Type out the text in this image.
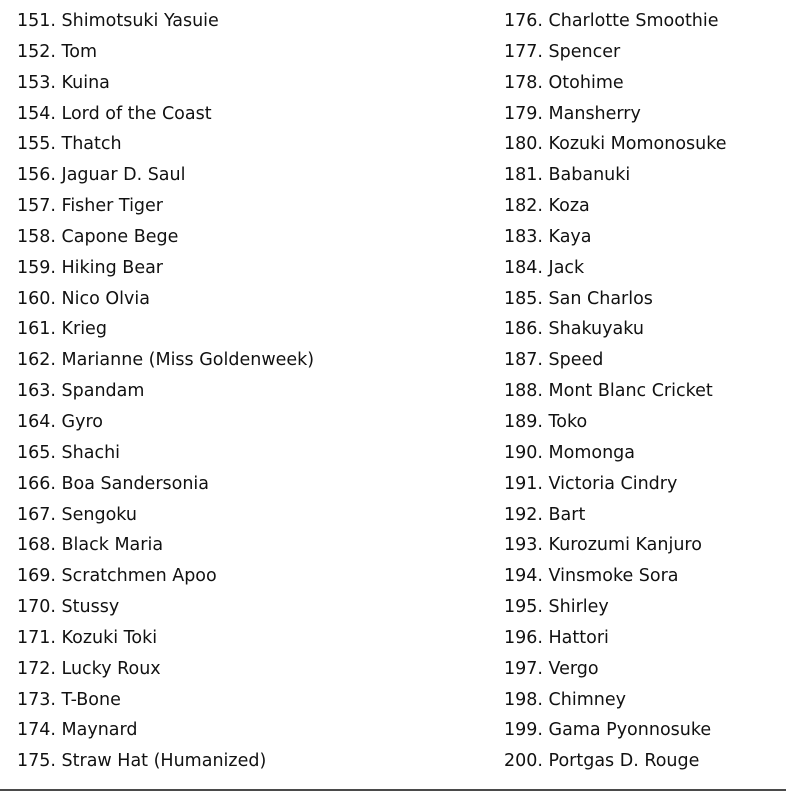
151. Shimotsuki Yasuie
152. Tom
153. Kuina
154. Lord of the Coast
155. Thatch
156. Jaguar D. Saul
157. Fisher Tiger
158. Capone Bege
159. Hiking Bear
160. Nico Olvia
161. Krieg
162. Marianne (Miss Goldenweek)
163. Spandam
164. Gyro
165. Shachi
166. Boa Sandersonia
167. Sengoku
168. Black Maria
169. Scratchmen Apoo
170. Stussy
171. Kozuki Toki
172. Lucky Roux
173. T-Bone
174. Maynard
175. Straw Hat (Humanized)
176. Charlotte Smoothie
177. Spencer
178. Otohime
179. Mansherry
180. Kozuki Momonosuke
181. Babanuki
182. Koza
183. Kaya
184. Jack
185. San Charlos
186. Shakuyaku
187. Speed
188. Mont Blanc Cricket
189. Toko
190. Momonga
191. Victoria Cindry
192. Bart
193. Kurozumi Kanjuro
194. Vinsmoke Sora
195. Shirley
196. Hattori
197. Vergo
198. Chimney
199. Gama Pyonnosuke
200. Portgas D. Rouge
